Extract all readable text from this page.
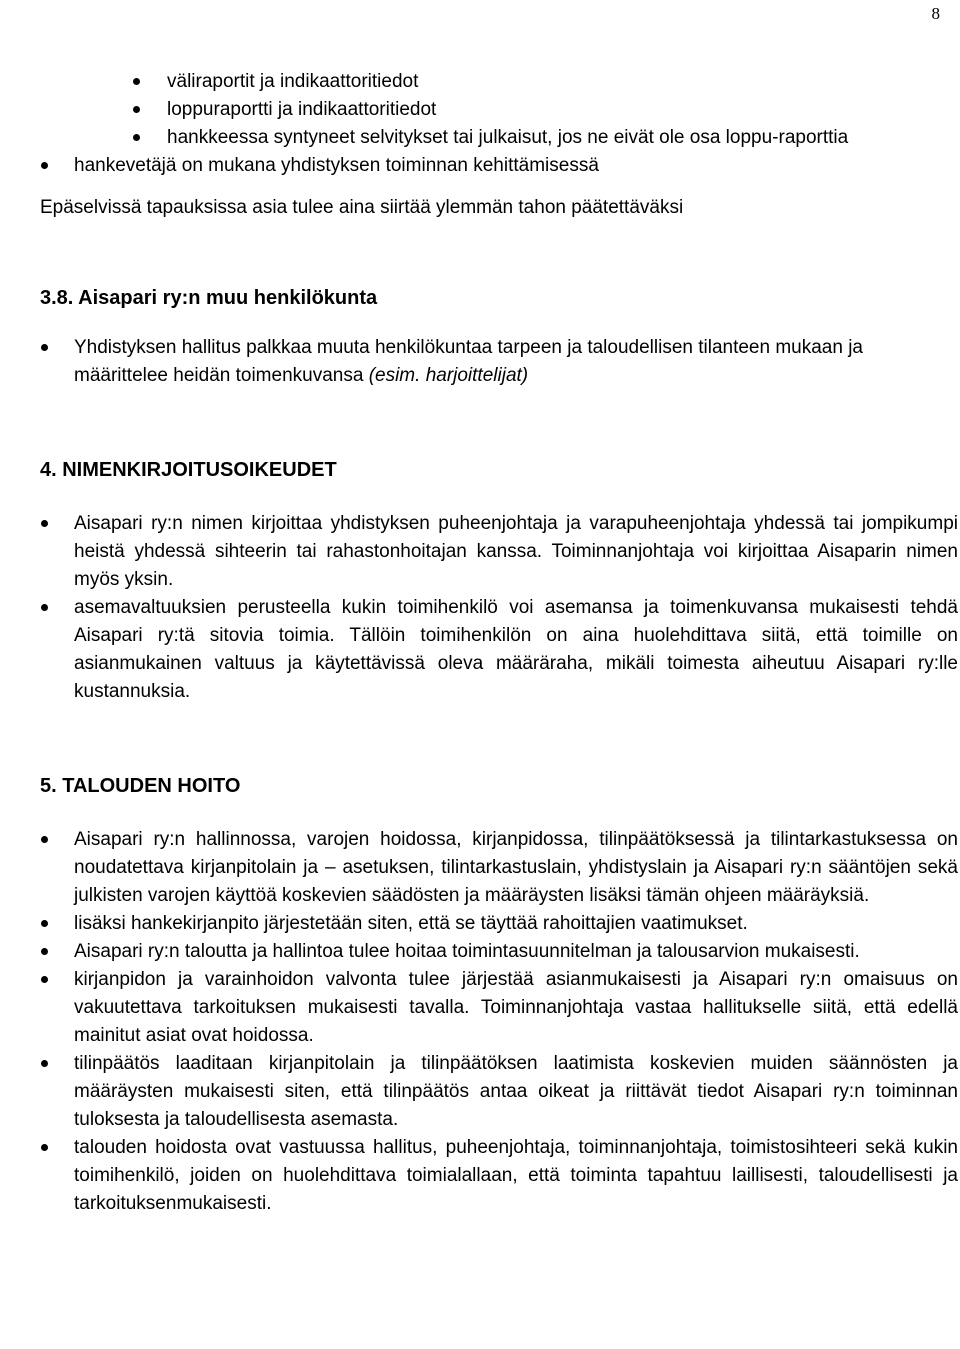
8
väliraportit ja indikaattoritiedot
loppuraportti ja indikaattoritiedot
hankkeessa syntyneet selvitykset tai julkaisut, jos ne eivät ole osa loppu-raporttia
hankevetäjä on mukana yhdistyksen toiminnan kehittämisessä

Epäselvissä tapauksissa asia tulee aina siirtää ylemmän tahon päätettäväksi

3.8. Aisapari ry:n muu henkilökunta
Yhdistyksen hallitus palkkaa muuta henkilökuntaa tarpeen ja taloudellisen tilanteen mukaan ja määrittelee heidän toimenkuvansa (esim. harjoittelijat)
4. NIMENKIRJOITUSOIKEUDET
Aisapari ry:n nimen kirjoittaa yhdistyksen puheenjohtaja ja varapuheenjohtaja yhdessä tai jompikumpi heistä yhdessä sihteerin tai rahastonhoitajan kanssa. Toiminnanjohtaja voi kirjoittaa Aisaparin nimen myös yksin.
asemavaltuuksien perusteella kukin toimihenkilö voi asemansa ja toimenkuvansa mukaisesti tehdä Aisapari ry:tä sitovia toimia. Tällöin toimihenkilön on aina huolehdittava siitä, että toimille on asianmukainen valtuus ja käytettävissä oleva määräraha, mikäli toimesta aiheutuu Aisapari ry:lle kustannuksia.
5. TALOUDEN HOITO
Aisapari ry:n hallinnossa, varojen hoidossa, kirjanpidossa, tilinpäätöksessä ja tilintarkastuksessa on noudatettava kirjanpitolain ja – asetuksen, tilintarkastuslain, yhdistyslain ja Aisapari ry:n sääntöjen sekä julkisten varojen käyttöä koskevien säädösten ja määräysten lisäksi tämän ohjeen määräyksiä.
lisäksi hankekirjanpito järjestetään siten, että se täyttää rahoittajien vaatimukset.
Aisapari ry:n taloutta ja hallintoa tulee hoitaa toimintasuunnitelman ja talousarvion mukaisesti.
kirjanpidon ja varainhoidon valvonta tulee järjestää asianmukaisesti ja Aisapari ry:n omaisuus on vakuutettava tarkoituksen mukaisesti tavalla. Toiminnanjohtaja vastaa hallitukselle siitä, että edellä mainitut asiat ovat hoidossa.
tilinpäätös laaditaan kirjanpitolain ja tilinpäätöksen laatimista koskevien muiden säännösten ja määräysten mukaisesti siten, että tilinpäätös antaa oikeat ja riittävät tiedot Aisapari ry:n toiminnan tuloksesta ja taloudellisesta asemasta.
talouden hoidosta ovat vastuussa hallitus, puheenjohtaja, toiminnanjohtaja, toimistosihteeri sekä kukin toimihenkilö, joiden on huolehdittava toimialallaan, että toiminta tapahtuu laillisesti, taloudellisesti ja tarkoituksenmukaisesti.
